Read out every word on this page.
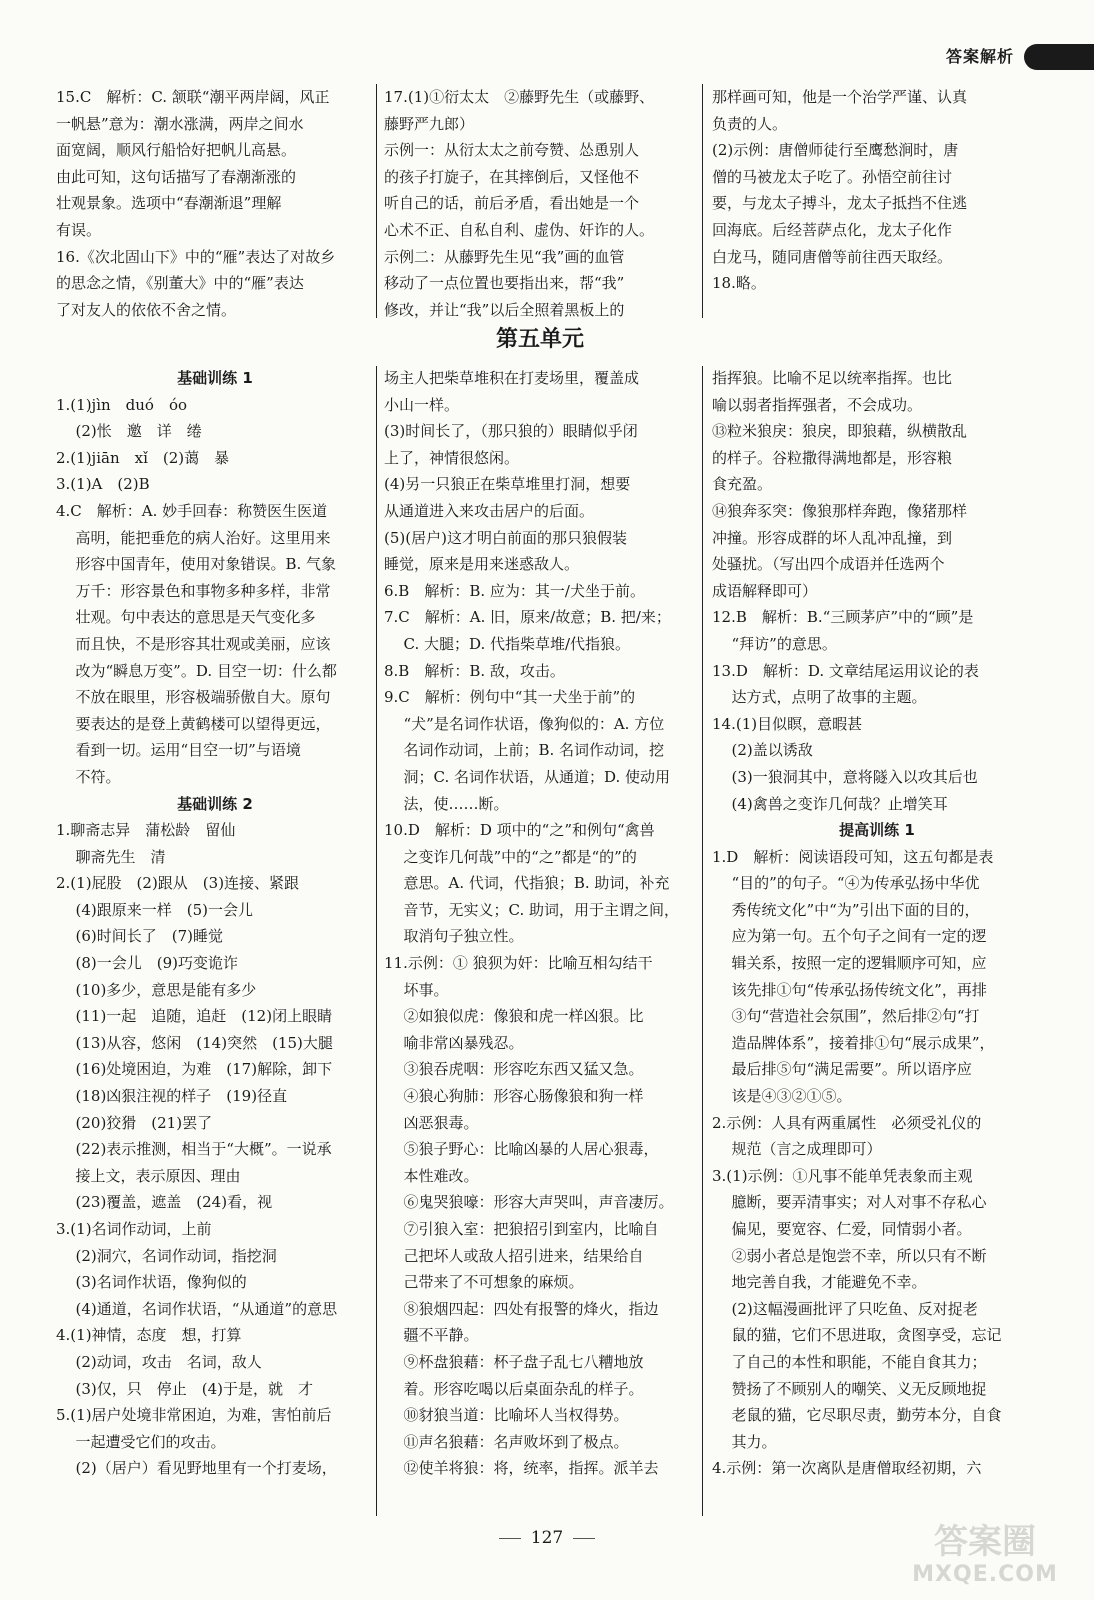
答案解析
15.C　解析：C. 颔联“潮平两岸阔，风正
一帆悬”意为：潮水涨满，两岸之间水
面宽阔，顺风行船恰好把帆儿高悬。
由此可知，这句话描写了春潮渐涨的
壮观景象。选项中“春潮渐退”理解
有误。
16.《次北固山下》中的“雁”表达了对故乡
的思念之情，《别董大》中的“雁”表达
了对友人的依依不舍之情。
17.(1)①衍太太　②藤野先生（或藤野、
藤野严九郎）
示例一：从衍太太之前夸赞、怂恿别人
的孩子打旋子，在其摔倒后，又怪他不
听自己的话，前后矛盾，看出她是一个
心术不正、自私自利、虚伪、奸诈的人。
示例二：从藤野先生见“我”画的血管
移动了一点位置也要指出来，帮“我”
修改，并让“我”以后全照着黑板上的
那样画可知，他是一个治学严谨、认真
负责的人。
(2)示例：唐僧师徒行至鹰愁涧时，唐
僧的马被龙太子吃了。孙悟空前往讨
要，与龙太子搏斗，龙太子抵挡不住逃
回海底。后经菩萨点化，龙太子化作
白龙马，随同唐僧等前往西天取经。
18.略。
第五单元
基础训练 1
1.(1)jìn　duó　óo
(2)怅　邀　详　绻
2.(1)jiān　xǐ　(2)蔼　暴
3.(1)A　(2)B
4.C　解析：A. 妙手回春：称赞医生医道
高明，能把垂危的病人治好。这里用来
形容中国青年，使用对象错误。B. 气象
万千：形容景色和事物多种多样，非常
壮观。句中表达的意思是天气变化多
而且快，不是形容其壮观或美丽，应该
改为“瞬息万变”。D. 目空一切：什么都
不放在眼里，形容极端骄傲自大。原句
要表达的是登上黄鹤楼可以望得更远，
看到一切。运用“目空一切”与语境
不符。
基础训练 2
1.聊斋志异　蒲松龄　留仙
聊斋先生　清
2.(1)屁股　(2)跟从　(3)连接、紧跟
(4)跟原来一样　(5)一会儿
(6)时间长了　(7)睡觉
(8)一会儿　(9)巧变诡诈
(10)多少，意思是能有多少
(11)一起　追随，追赶　(12)闭上眼睛
(13)从容，悠闲　(14)突然　(15)大腿
(16)处境困迫，为难　(17)解除，卸下
(18)凶狠注视的样子　(19)径直
(20)狡猾　(21)罢了
(22)表示推测，相当于“大概”。一说承
接上文，表示原因、理由
(23)覆盖，遮盖　(24)看，视
3.(1)名词作动词，上前
(2)洞穴，名词作动词，指挖洞
(3)名词作状语，像狗似的
(4)通道，名词作状语，“从通道”的意思
4.(1)神情，态度　想，打算
(2)动词，攻击　名词，敌人
(3)仅，只　停止　(4)于是，就　才
5.(1)居户处境非常困迫，为难，害怕前后
一起遭受它们的攻击。
(2)（居户）看见野地里有一个打麦场，
场主人把柴草堆积在打麦场里，覆盖成
小山一样。
(3)时间长了，（那只狼的）眼睛似乎闭
上了，神情很悠闲。
(4)另一只狼正在柴草堆里打洞，想要
从通道进入来攻击居户的后面。
(5)(居户)这才明白前面的那只狼假装
睡觉，原来是用来迷惑敌人。
6.B　解析：B. 应为：其一/犬坐于前。
7.C　解析：A. 旧，原来/故意；B. 把/来；
C. 大腿；D. 代指柴草堆/代指狼。
8.B　解析：B. 敌，攻击。
9.C　解析：例句中“其一犬坐于前”的
“犬”是名词作状语，像狗似的：A. 方位
名词作动词，上前；B. 名词作动词，挖
洞；C. 名词作状语，从通道；D. 使动用
法，使……断。
10.D　解析：D 项中的“之”和例句“禽兽
之变诈几何哉”中的“之”都是“的”的
意思。A. 代词，代指狼；B. 助词，补充
音节，无实义；C. 助词，用于主谓之间，
取消句子独立性。
11.示例：① 狼狈为奸：比喻互相勾结干
坏事。
②如狼似虎：像狼和虎一样凶狠。比
喻非常凶暴残忍。
③狼吞虎咽：形容吃东西又猛又急。
④狼心狗肺：形容心肠像狼和狗一样
凶恶狠毒。
⑤狼子野心：比喻凶暴的人居心狠毒，
本性难改。
⑥鬼哭狼嚎：形容大声哭叫，声音凄厉。
⑦引狼入室：把狼招引到室内，比喻自
己把坏人或敌人招引进来，结果给自
己带来了不可想象的麻烦。
⑧狼烟四起：四处有报警的烽火，指边
疆不平静。
⑨杯盘狼藉：杯子盘子乱七八糟地放
着。形容吃喝以后桌面杂乱的样子。
⑩豺狼当道：比喻坏人当权得势。
⑪声名狼藉：名声败坏到了极点。
⑫使羊将狼：将，统率，指挥。派羊去
指挥狼。比喻不足以统率指挥。也比
喻以弱者指挥强者，不会成功。
⑬粒米狼戾：狼戾，即狼藉，纵横散乱
的样子。谷粒撒得满地都是，形容粮
食充盈。
⑭狼奔豕突：像狼那样奔跑，像猪那样
冲撞。形容成群的坏人乱冲乱撞，到
处骚扰。（写出四个成语并任选两个
成语解释即可）
12.B　解析：B.“三顾茅庐”中的“顾”是
“拜访”的意思。
13.D　解析：D. 文章结尾运用议论的表
达方式，点明了故事的主题。
14.(1)目似瞑，意暇甚
(2)盖以诱敌
(3)一狼洞其中，意将隧入以攻其后也
(4)禽兽之变诈几何哉？止增笑耳
提高训练 1
1.D　解析：阅读语段可知，这五句都是表
“目的”的句子。“④为传承弘扬中华优
秀传统文化”中“为”引出下面的目的，
应为第一句。五个句子之间有一定的逻
辑关系，按照一定的逻辑顺序可知，应
该先排①句“传承弘扬传统文化”，再排
③句“营造社会氛围”，然后排②句“打
造品牌体系”，接着排①句“展示成果”，
最后排⑤句“满足需要”。所以语序应
该是④③②①⑤。
2.示例：人具有两重属性　必须受礼仪的
规范（言之成理即可）
3.(1)示例：①凡事不能单凭表象而主观
臆断，要弄清事实；对人对事不存私心
偏见，要宽容、仁爱，同情弱小者。
②弱小者总是饱尝不幸，所以只有不断
地完善自我，才能避免不幸。
(2)这幅漫画批评了只吃鱼、反对捉老
鼠的猫，它们不思进取，贪图享受，忘记
了自己的本性和职能，不能自食其力；
赞扬了不顾别人的嘲笑、义无反顾地捉
老鼠的猫，它尽职尽责，勤劳本分，自食
其力。
4.示例：第一次离队是唐僧取经初期，六
127	答案圈
MXQE.COM
